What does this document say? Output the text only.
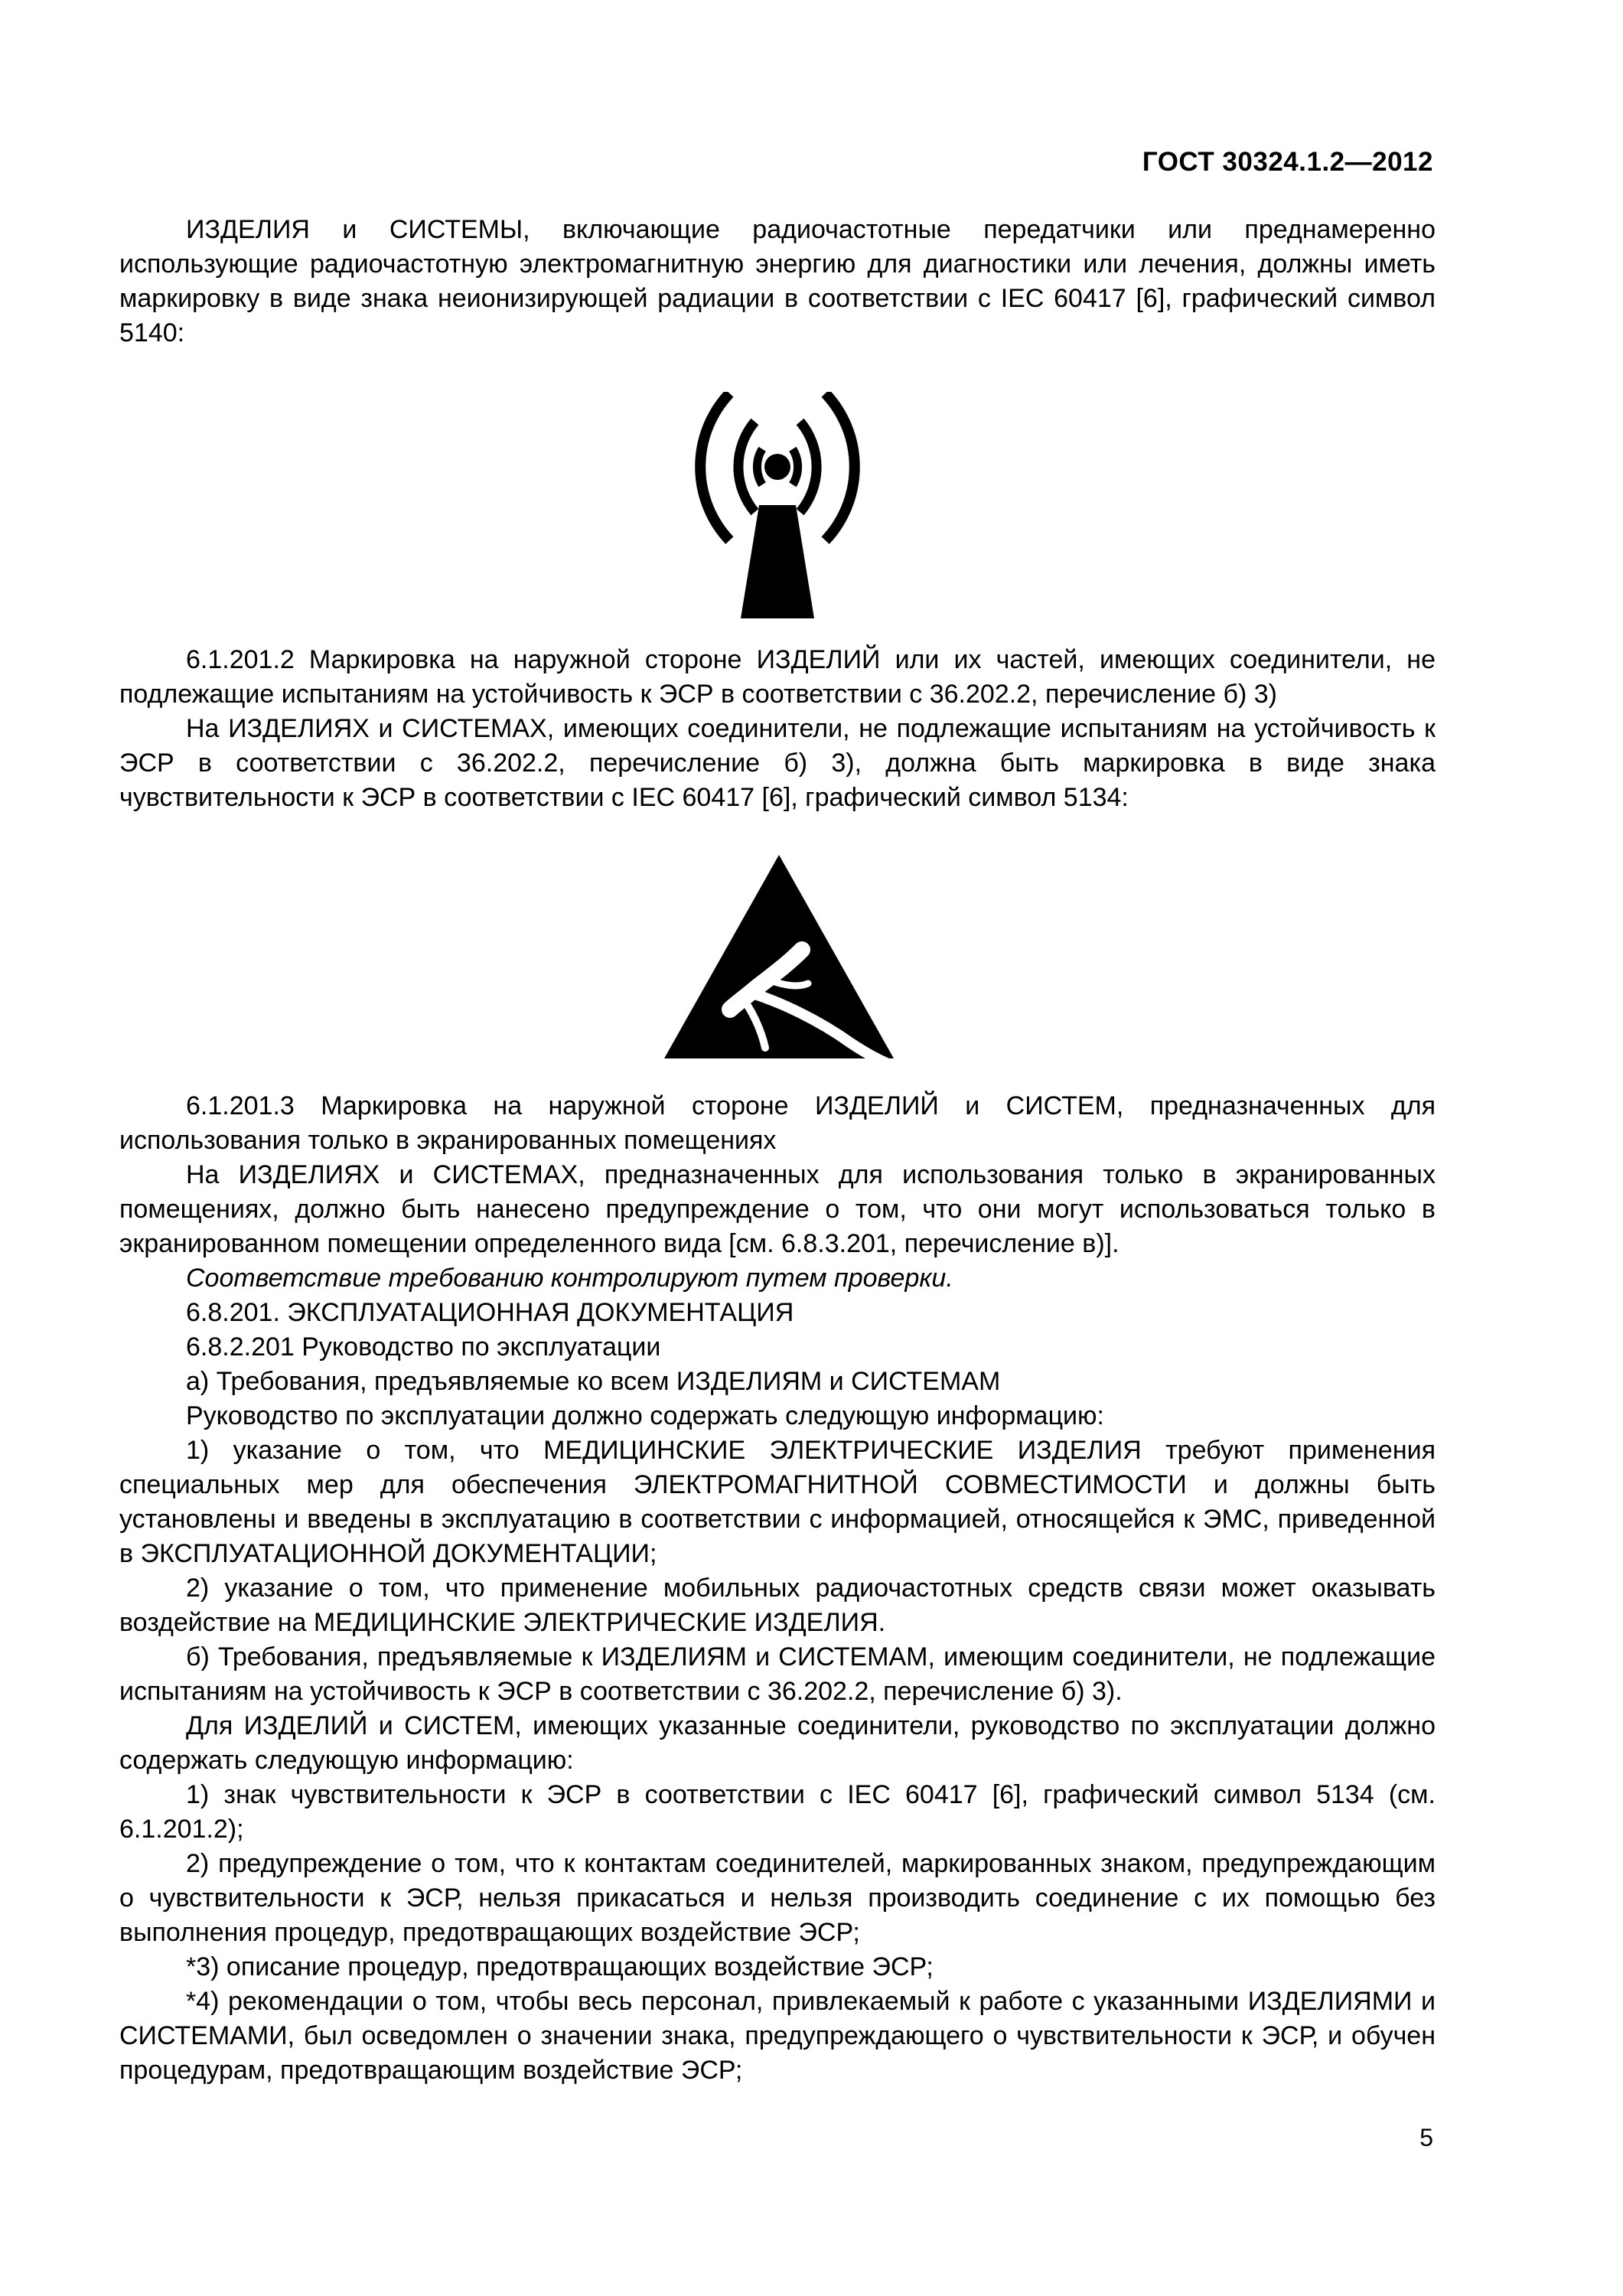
ГОСТ 30324.1.2—2012

ИЗДЕЛИЯ и СИСТЕМЫ, включающие радиочастотные передатчики или преднамеренно использующие радиочастотную электромагнитную энергию для диагностики или лечения, должны иметь маркировку в виде знака неионизирующей радиации в соответствии с IEC 60417 [6], графический символ 5140:

6.1.201.2 Маркировка на наружной стороне ИЗДЕЛИЙ или их частей, имеющих соединители, не подлежащие испытаниям на устойчивость к ЭСР в соответствии с 36.202.2, перечисление б) 3)

На ИЗДЕЛИЯХ и СИСТЕМАХ, имеющих соединители, не подлежащие испытаниям на устойчивость к ЭСР в соответствии с 36.202.2, перечисление б) 3), должна быть маркировка в виде знака чувствительности к ЭСР в соответствии с IEC 60417 [6], графический символ 5134:

6.1.201.3 Маркировка на наружной стороне ИЗДЕЛИЙ и СИСТЕМ, предназначенных для использования только в экранированных помещениях

На ИЗДЕЛИЯХ и СИСТЕМАХ, предназначенных для использования только в экранированных помещениях, должно быть нанесено предупреждение о том, что они могут использоваться только в экранированном помещении определенного вида [см. 6.8.3.201, перечисление в)].

Соответствие требованию контролируют путем проверки.

6.8.201. ЭКСПЛУАТАЦИОННАЯ ДОКУМЕНТАЦИЯ

6.8.2.201 Руководство по эксплуатации

а) Требования, предъявляемые ко всем ИЗДЕЛИЯМ и СИСТЕМАМ

Руководство по эксплуатации должно содержать следующую информацию:

1) указание о том, что МЕДИЦИНСКИЕ ЭЛЕКТРИЧЕСКИЕ ИЗДЕЛИЯ требуют применения специальных мер для обеспечения ЭЛЕКТРОМАГНИТНОЙ СОВМЕСТИМОСТИ и должны быть установлены и введены в эксплуатацию в соответствии с информацией, относящейся к ЭМС, приведенной в ЭКСПЛУАТАЦИОННОЙ ДОКУМЕНТАЦИИ;

2) указание о том, что применение мобильных радиочастотных средств связи может оказывать воздействие на МЕДИЦИНСКИЕ ЭЛЕКТРИЧЕСКИЕ ИЗДЕЛИЯ.

б) Требования, предъявляемые к ИЗДЕЛИЯМ и СИСТЕМАМ, имеющим соединители, не подлежащие испытаниям на устойчивость к ЭСР в соответствии с 36.202.2, перечисление б) 3).

Для ИЗДЕЛИЙ и СИСТЕМ, имеющих указанные соединители, руководство по эксплуатации должно содержать следующую информацию:

1) знак чувствительности к ЭСР в соответствии с IEC 60417 [6], графический символ 5134 (см. 6.1.201.2);

2) предупреждение о том, что к контактам соединителей, маркированных знаком, предупреждающим о чувствительности к ЭСР, нельзя прикасаться и нельзя производить соединение с их помощью без выполнения процедур, предотвращающих воздействие ЭСР;

*3) описание процедур, предотвращающих воздействие ЭСР;

*4) рекомендации о том, чтобы весь персонал, привлекаемый к работе с указанными ИЗДЕЛИЯМИ и СИСТЕМАМИ, был осведомлен о значении знака, предупреждающего о чувствительности к ЭСР, и обучен процедурам, предотвращающим воздействие ЭСР;

5
